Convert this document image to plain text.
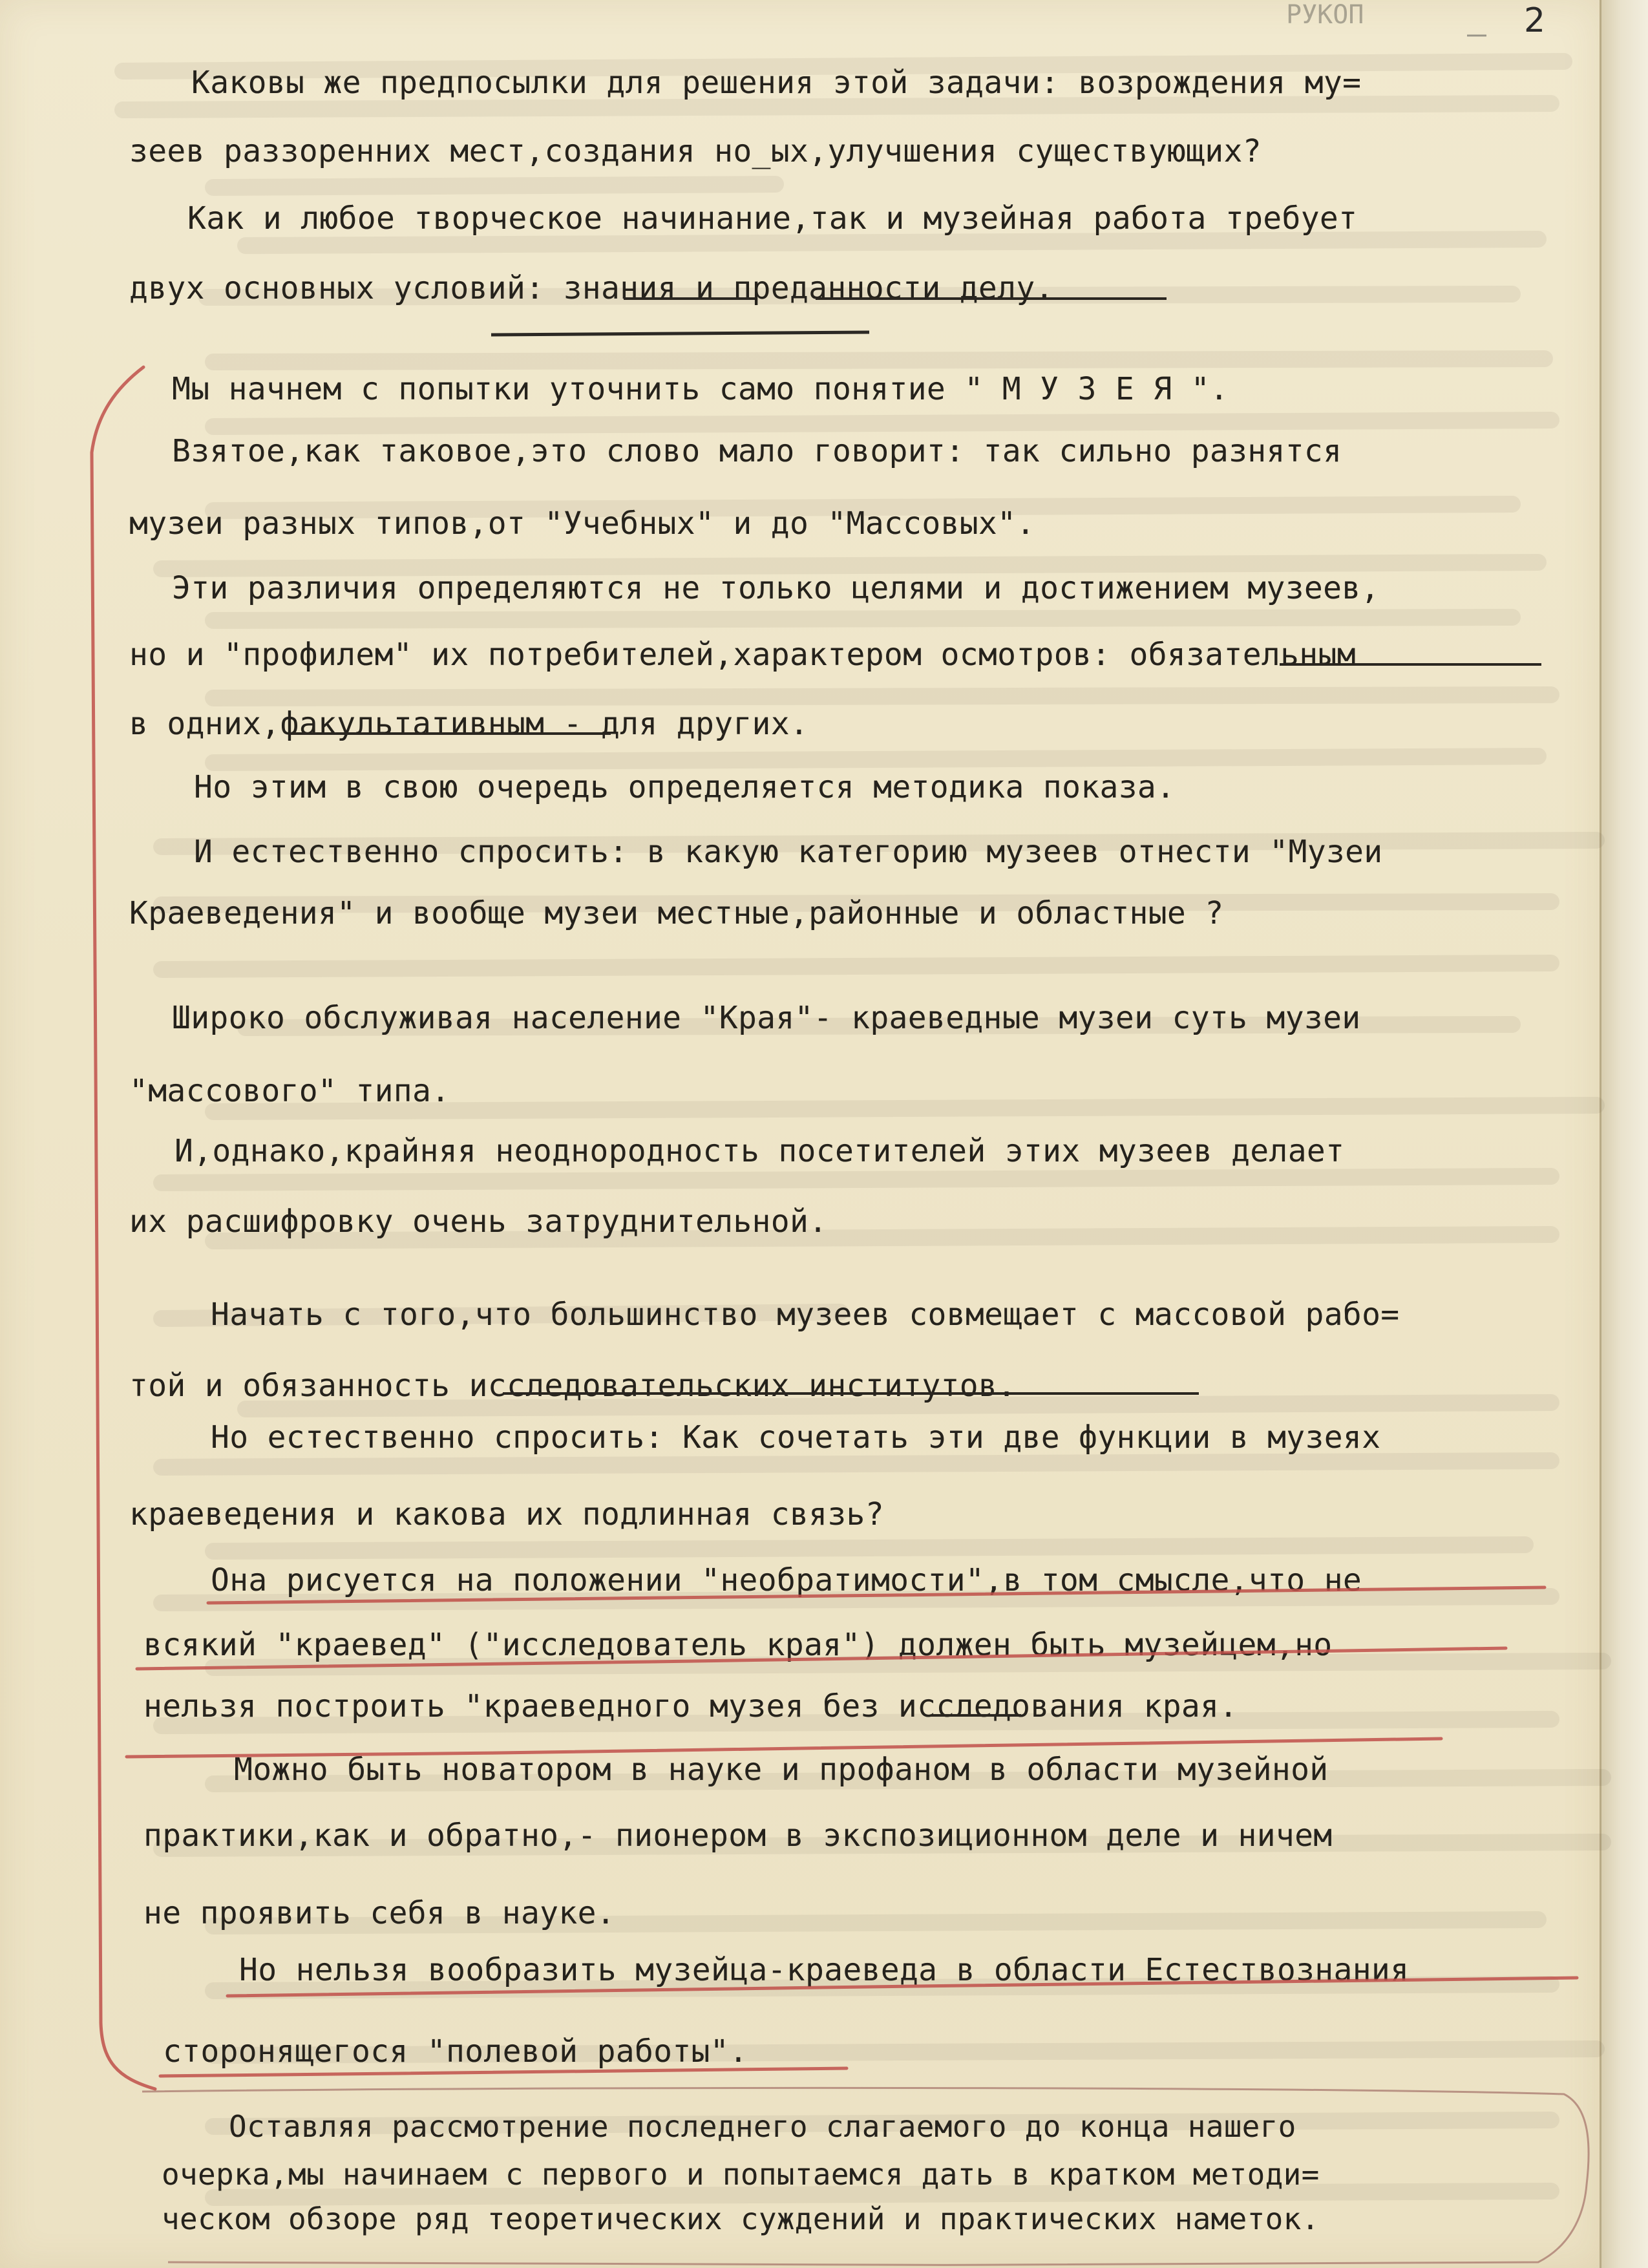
РУКОП	2
Каковы же предпосылки для решения этой задачи: возрождения му=
зеев раззоренних мест,создания но_ых,улучшения существующих?
Как и любое творческое начинание,так и музейная работа требует
двух основных условий: знания и преданности делу.
Мы начнем с попытки уточнить само понятие " М У З Е Я ".
Взятое,как таковое,это слово мало говорит: так сильно разнятся
музеи разных типов,от "Учебных" и до "Массовых".
Эти различия определяются не только целями и достижением музеев,
но и "профилем" их потребителей,характером осмотров: обязательным
в одних,факультативным - для других.
Но этим в свою очередь определяется методика показа.
И естественно спросить: в какую категорию музеев отнести "Музеи
Краеведения" и вообще музеи местные,районные и областные ?
Широко обслуживая население "Края"- краеведные музеи суть музеи
"массового" типа.
И,однако,крайняя неоднородность посетителей этих музеев делает
их расшифровку очень затруднительной.
Начать с того,что большинство музеев совмещает с массовой рабо=
той и обязанность исследовательских институтов.
Но естественно спросить: Как сочетать эти две функции в музеях
краеведения и какова их подлинная связь?
Она рисуется на положении "необратимости",в том смысле,что не
всякий "краевед" ("исследователь края") должен быть музейцем,но
нельзя построить "краеведного музея без исследования края.
Можно быть новатором в науке и профаном в области музейной
практики,как и обратно,- пионером в экспозиционном деле и ничем
не проявить себя в науке.
Но нельзя вообразить музейца-краеведа в области Естествознания
сторонящегося "полевой работы".
Оставляя рассмотрение последнего слагаемого до конца нашего
очерка,мы начинаем с первого и попытаемся дать в кратком методи=
ческом обзоре ряд теоретических суждений и практических наметок.
